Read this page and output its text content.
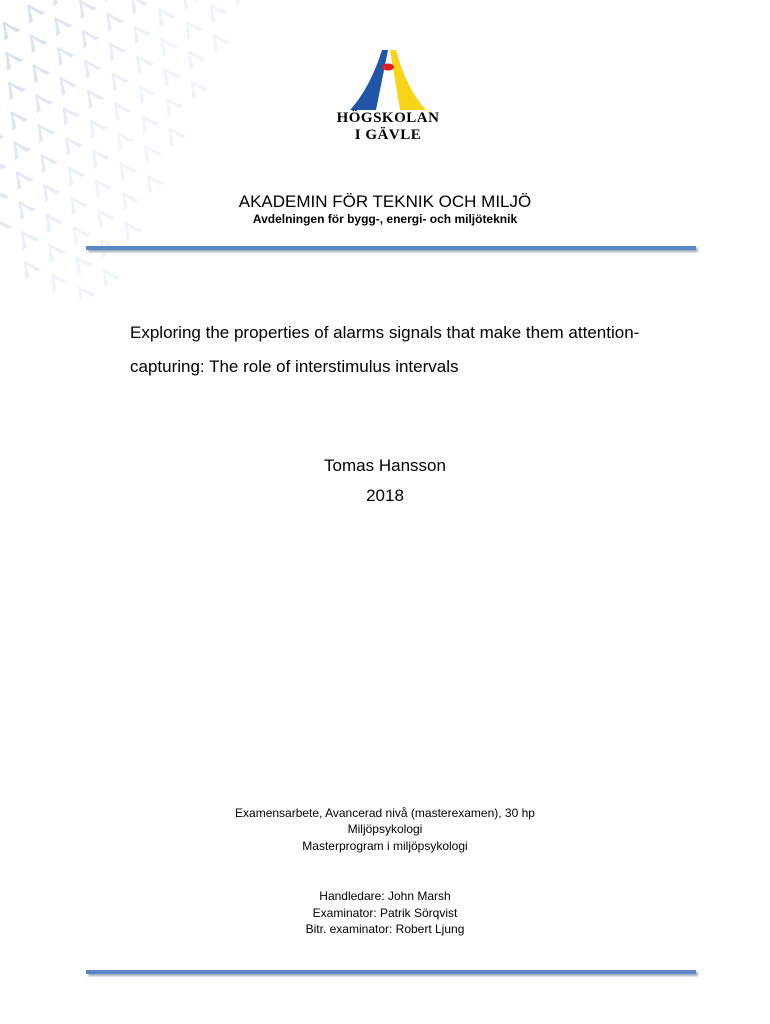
HÖGSKOLAN
I GÄVLE
AKADEMIN FÖR TEKNIK OCH MILJÖ
Avdelningen för bygg-, energi- och miljöteknik
Exploring the properties of alarms signals that make them attention-
capturing: The role of interstimulus intervals
Tomas Hansson
2018
Examensarbete, Avancerad nivå (masterexamen), 30 hp
Miljöpsykologi
Masterprogram i miljöpsykologi
Handledare: John Marsh
Examinator: Patrik Sörqvist
Bitr. examinator: Robert Ljung
